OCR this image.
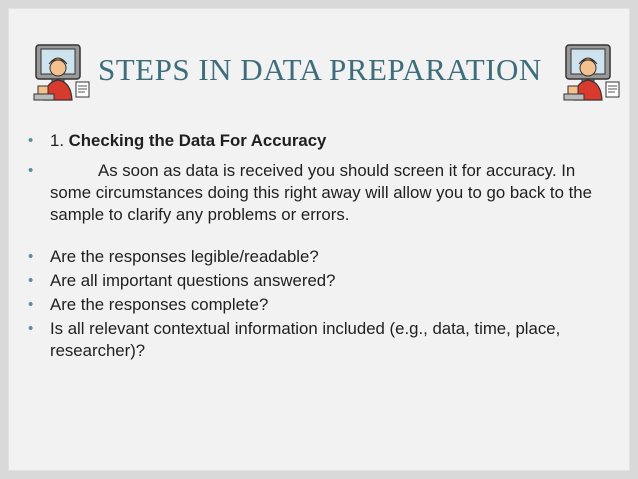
STEPS IN DATA PREPARATION
• 1. Checking the Data For Accuracy
•	As soon as data is received you should screen it for accuracy. In some circumstances doing this right away will allow you to go back to the sample to clarify any problems or errors.
• Are the responses legible/readable?
• Are all important questions answered?
• Are the responses complete?
• Is all relevant contextual information included (e.g., data, time, place, researcher)?
